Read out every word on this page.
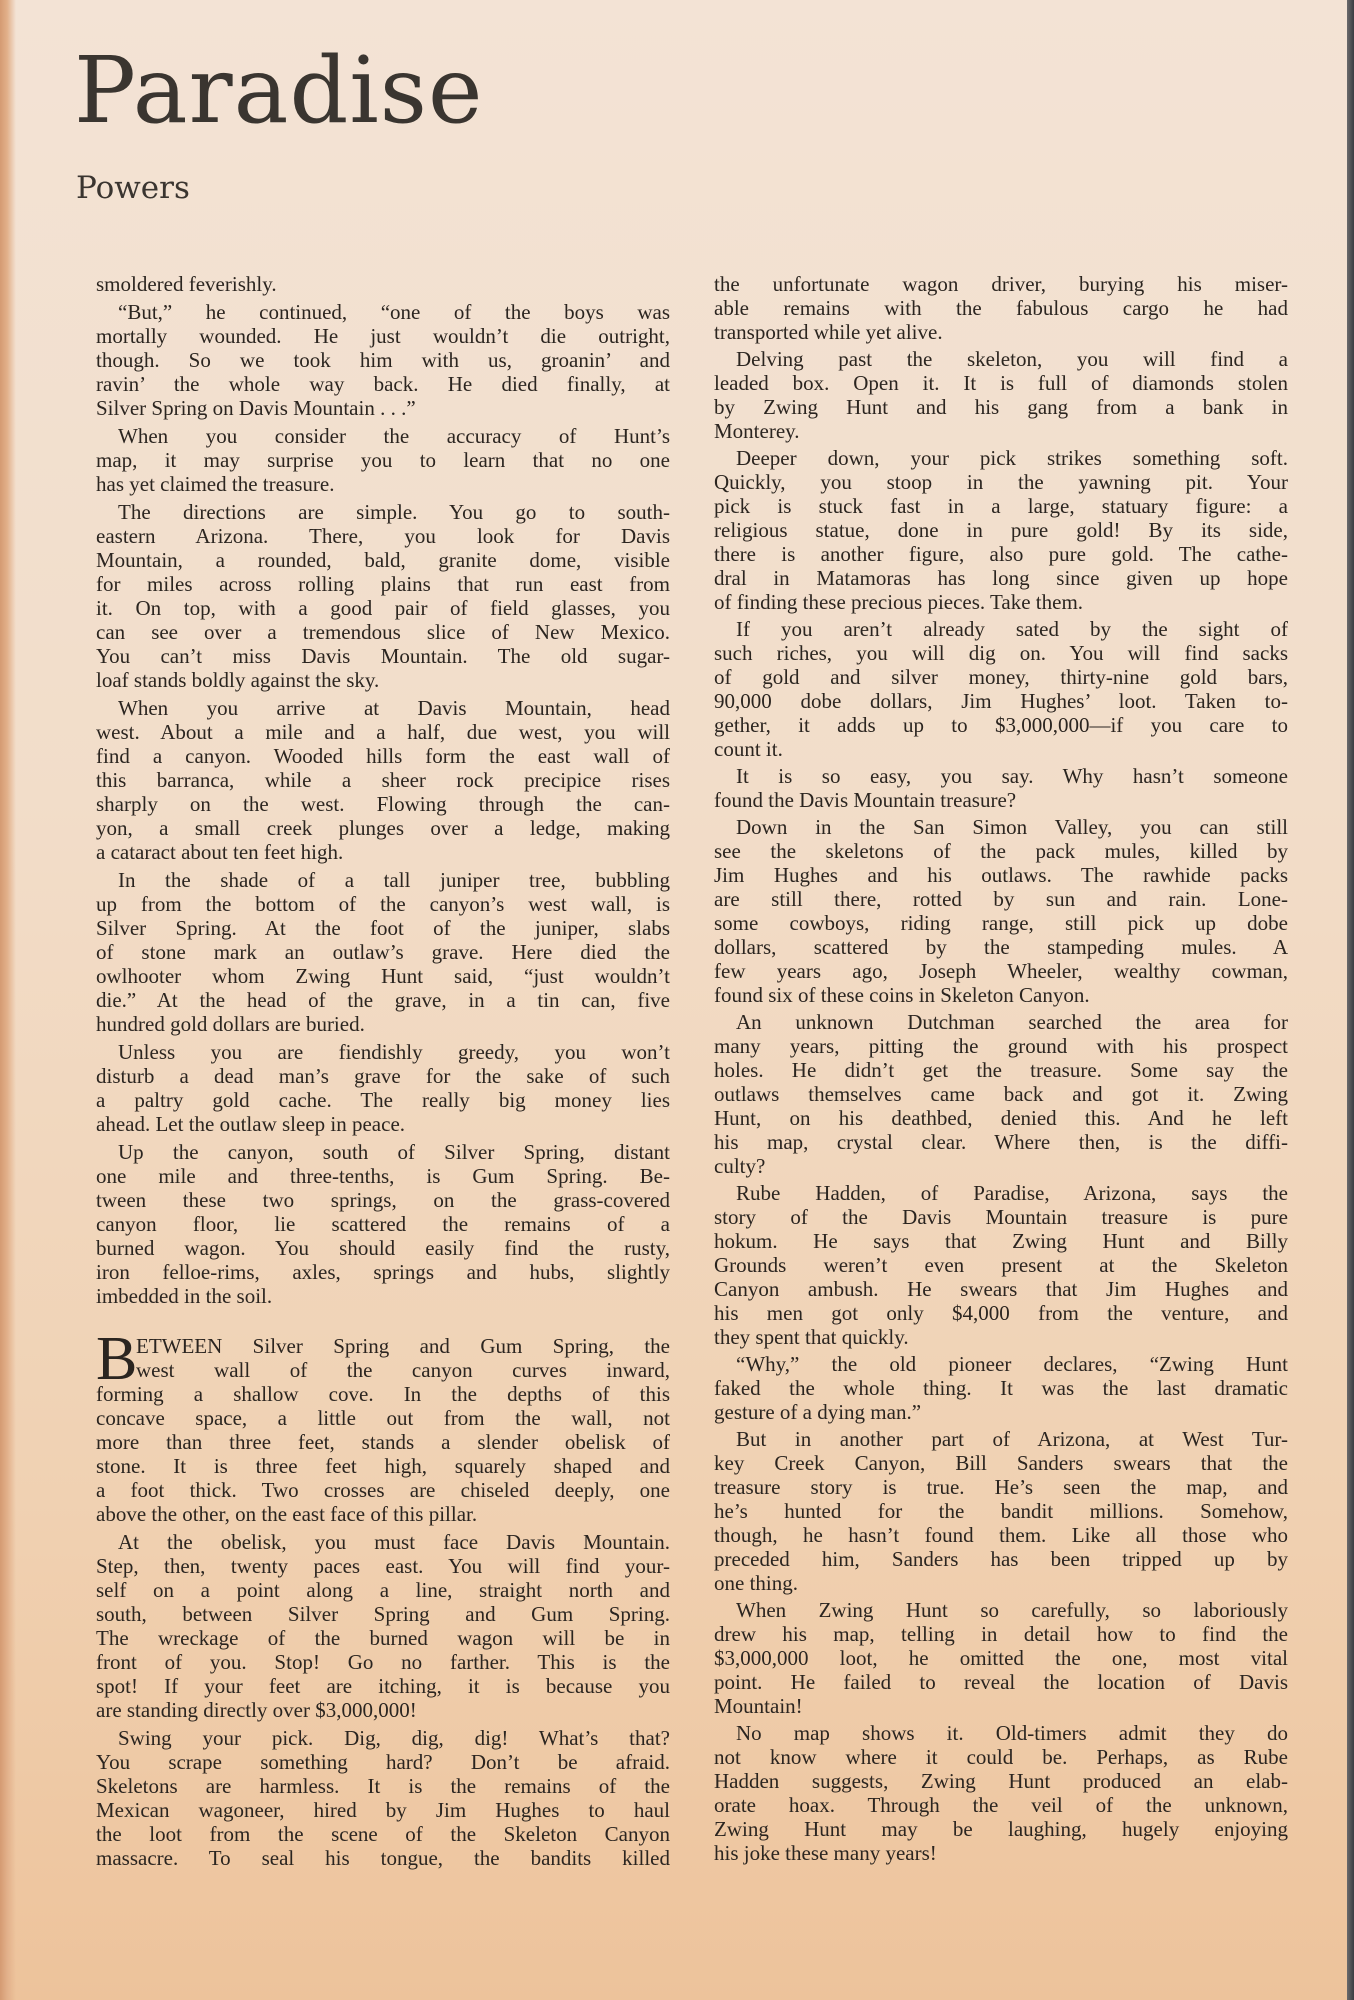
Paradise
Powers
smoldered feverishly.
“But,” he continued, “one of the boys was
mortally wounded. He just wouldn’t die outright,
though. So we took him with us, groanin’ and
ravin’ the whole way back. He died finally, at
Silver Spring on Davis Mountain . . .”
When you consider the accuracy of Hunt’s
map, it may surprise you to learn that no one
has yet claimed the treasure.
The directions are simple. You go to south-
eastern Arizona. There, you look for Davis
Mountain, a rounded, bald, granite dome, visible
for miles across rolling plains that run east from
it. On top, with a good pair of field glasses, you
can see over a tremendous slice of New Mexico.
You can’t miss Davis Mountain. The old sugar-
loaf stands boldly against the sky.
When you arrive at Davis Mountain, head
west. About a mile and a half, due west, you will
find a canyon. Wooded hills form the east wall of
this barranca, while a sheer rock precipice rises
sharply on the west. Flowing through the can-
yon, a small creek plunges over a ledge, making
a cataract about ten feet high.
In the shade of a tall juniper tree, bubbling
up from the bottom of the canyon’s west wall, is
Silver Spring. At the foot of the juniper, slabs
of stone mark an outlaw’s grave. Here died the
owlhooter whom Zwing Hunt said, “just wouldn’t
die.” At the head of the grave, in a tin can, five
hundred gold dollars are buried.
Unless you are fiendishly greedy, you won’t
disturb a dead man’s grave for the sake of such
a paltry gold cache. The really big money lies
ahead. Let the outlaw sleep in peace.
Up the canyon, south of Silver Spring, distant
one mile and three-tenths, is Gum Spring. Be-
tween these two springs, on the grass-covered
canyon floor, lie scattered the remains of a
burned wagon. You should easily find the rusty,
iron felloe-rims, axles, springs and hubs, slightly
imbedded in the soil.
B
ETWEEN Silver Spring and Gum Spring, the
west wall of the canyon curves inward,
forming a shallow cove. In the depths of this
concave space, a little out from the wall, not
more than three feet, stands a slender obelisk of
stone. It is three feet high, squarely shaped and
a foot thick. Two crosses are chiseled deeply, one
above the other, on the east face of this pillar.
At the obelisk, you must face Davis Mountain.
Step, then, twenty paces east. You will find your-
self on a point along a line, straight north and
south, between Silver Spring and Gum Spring.
The wreckage of the burned wagon will be in
front of you. Stop! Go no farther. This is the
spot! If your feet are itching, it is because you
are standing directly over $3,000,000!
Swing your pick. Dig, dig, dig! What’s that?
You scrape something hard? Don’t be afraid.
Skeletons are harmless. It is the remains of the
Mexican wagoneer, hired by Jim Hughes to haul
the loot from the scene of the Skeleton Canyon
massacre. To seal his tongue, the bandits killed
the unfortunate wagon driver, burying his miser-
able remains with the fabulous cargo he had
transported while yet alive.
Delving past the skeleton, you will find a
leaded box. Open it. It is full of diamonds stolen
by Zwing Hunt and his gang from a bank in
Monterey.
Deeper down, your pick strikes something soft.
Quickly, you stoop in the yawning pit. Your
pick is stuck fast in a large, statuary figure: a
religious statue, done in pure gold! By its side,
there is another figure, also pure gold. The cathe-
dral in Matamoras has long since given up hope
of finding these precious pieces. Take them.
If you aren’t already sated by the sight of
such riches, you will dig on. You will find sacks
of gold and silver money, thirty-nine gold bars,
90,000 dobe dollars, Jim Hughes’ loot. Taken to-
gether, it adds up to $3,000,000—if you care to
count it.
It is so easy, you say. Why hasn’t someone
found the Davis Mountain treasure?
Down in the San Simon Valley, you can still
see the skeletons of the pack mules, killed by
Jim Hughes and his outlaws. The rawhide packs
are still there, rotted by sun and rain. Lone-
some cowboys, riding range, still pick up dobe
dollars, scattered by the stampeding mules. A
few years ago, Joseph Wheeler, wealthy cowman,
found six of these coins in Skeleton Canyon.
An unknown Dutchman searched the area for
many years, pitting the ground with his prospect
holes. He didn’t get the treasure. Some say the
outlaws themselves came back and got it. Zwing
Hunt, on his deathbed, denied this. And he left
his map, crystal clear. Where then, is the diffi-
culty?
Rube Hadden, of Paradise, Arizona, says the
story of the Davis Mountain treasure is pure
hokum. He says that Zwing Hunt and Billy
Grounds weren’t even present at the Skeleton
Canyon ambush. He swears that Jim Hughes and
his men got only $4,000 from the venture, and
they spent that quickly.
“Why,” the old pioneer declares, “Zwing Hunt
faked the whole thing. It was the last dramatic
gesture of a dying man.”
But in another part of Arizona, at West Tur-
key Creek Canyon, Bill Sanders swears that the
treasure story is true. He’s seen the map, and
he’s hunted for the bandit millions. Somehow,
though, he hasn’t found them. Like all those who
preceded him, Sanders has been tripped up by
one thing.
When Zwing Hunt so carefully, so laboriously
drew his map, telling in detail how to find the
$3,000,000 loot, he omitted the one, most vital
point. He failed to reveal the location of Davis
Mountain!
No map shows it. Old-timers admit they do
not know where it could be. Perhaps, as Rube
Hadden suggests, Zwing Hunt produced an elab-
orate hoax. Through the veil of the unknown,
Zwing Hunt may be laughing, hugely enjoying
his joke these many years!
